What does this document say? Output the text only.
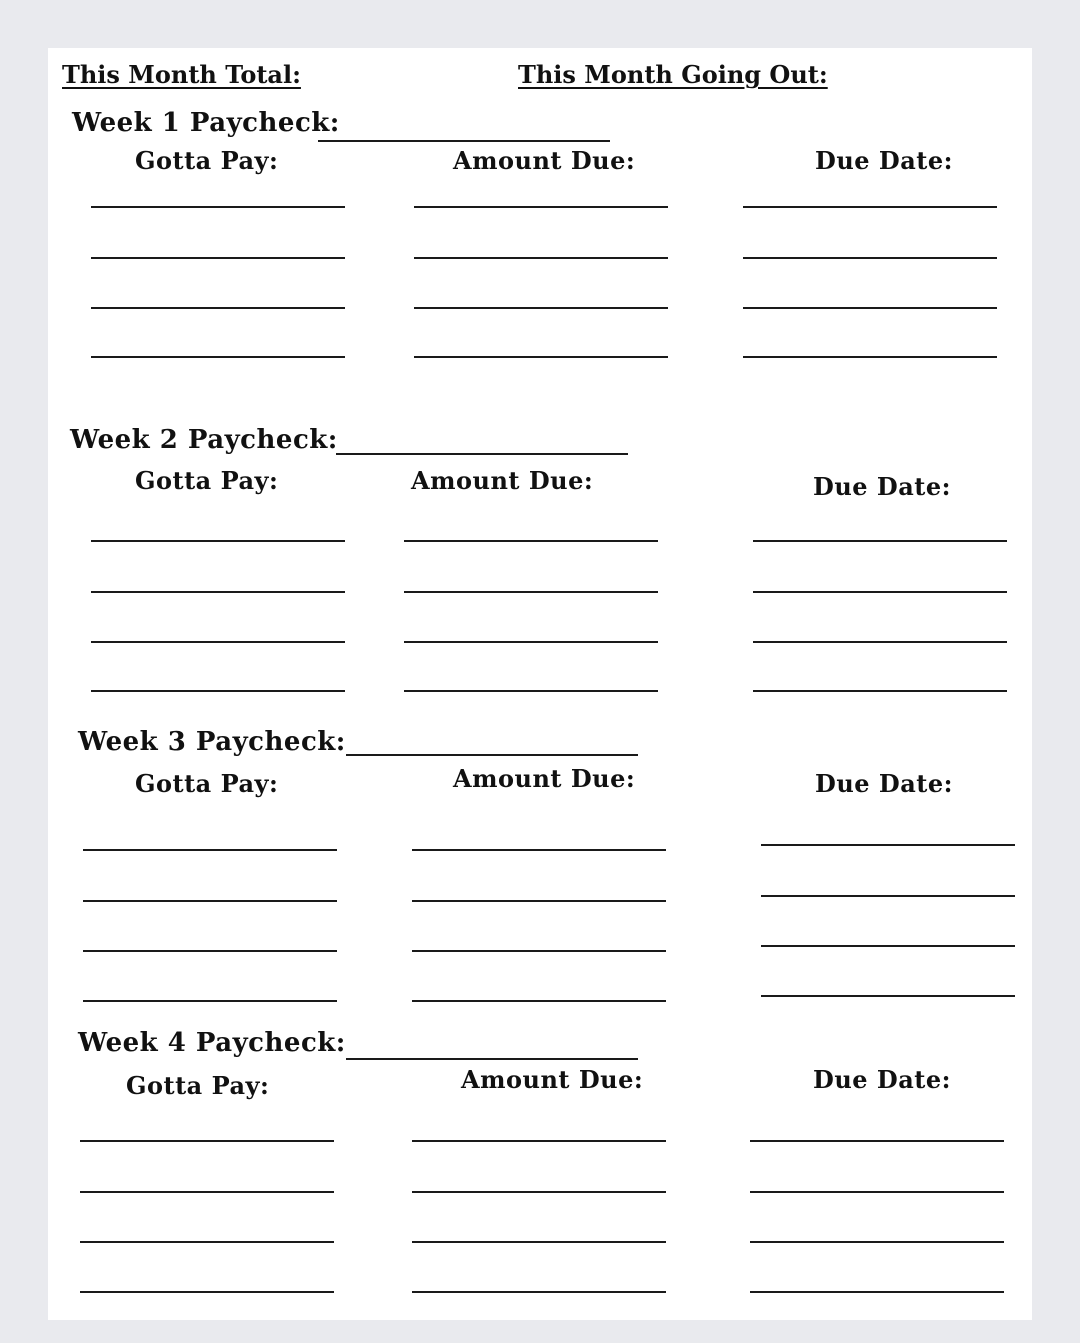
This Month Total:	This Month Going Out:
Week 1 Paycheck:
Gotta Pay:	Amount Due:	Due Date:
Week 2 Paycheck:
Gotta Pay:	Amount Due:	Due Date:
Week 3 Paycheck:
Gotta Pay:	Amount Due:	Due Date:
Week 4 Paycheck:
Gotta Pay:	Amount Due:	Due Date:
